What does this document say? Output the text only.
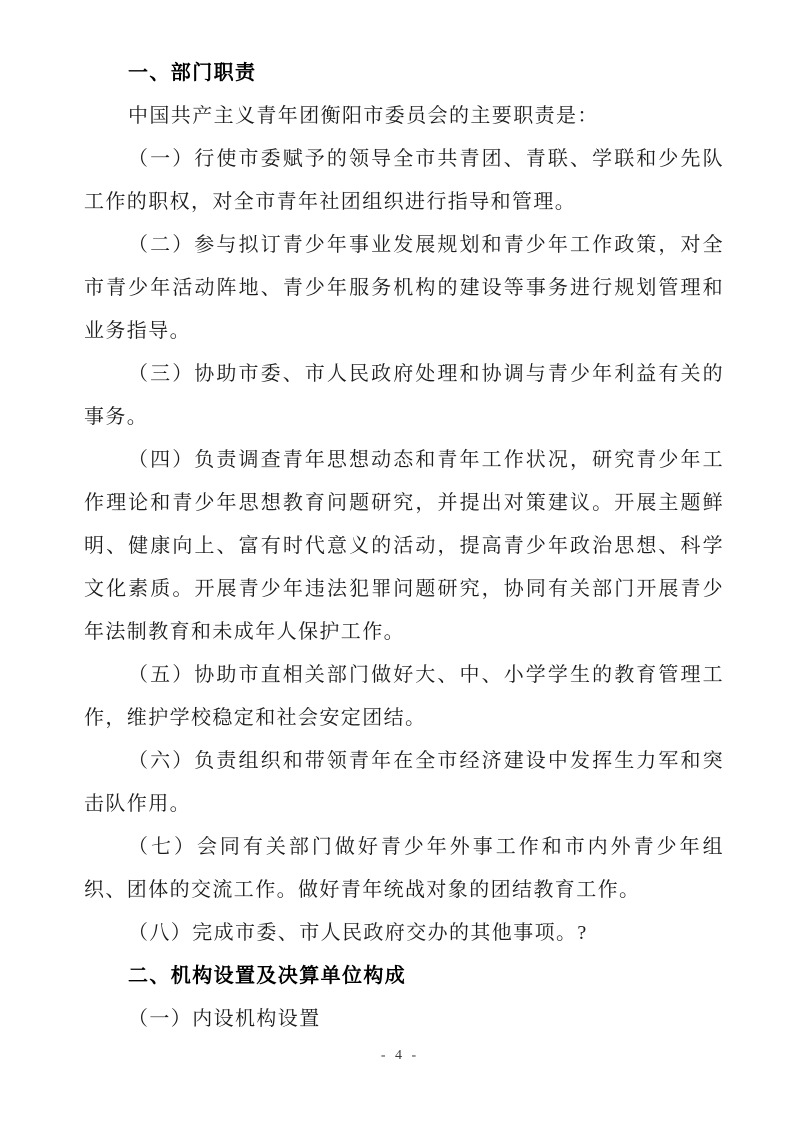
一、部门职责

中国共产主义青年团衡阳市委员会的主要职责是：

（一）行使市委赋予的领导全市共青团、青联、学联和少先队工作的职权，对全市青年社团组织进行指导和管理。

（二）参与拟订青少年事业发展规划和青少年工作政策，对全市青少年活动阵地、青少年服务机构的建设等事务进行规划管理和业务指导。

（三）协助市委、市人民政府处理和协调与青少年利益有关的事务。

（四）负责调查青年思想动态和青年工作状况，研究青少年工作理论和青少年思想教育问题研究，并提出对策建议。开展主题鲜明、健康向上、富有时代意义的活动，提高青少年政治思想、科学文化素质。开展青少年违法犯罪问题研究，协同有关部门开展青少年法制教育和未成年人保护工作。

（五）协助市直相关部门做好大、中、小学学生的教育管理工作，维护学校稳定和社会安定团结。

（六）负责组织和带领青年在全市经济建设中发挥生力军和突击队作用。

（七）会同有关部门做好青少年外事工作和市内外青少年组织、团体的交流工作。做好青年统战对象的团结教育工作。

（八）完成市委、市人民政府交办的其他事项。?

二、机构设置及决算单位构成

（一）内设机构设置

- 4 -
